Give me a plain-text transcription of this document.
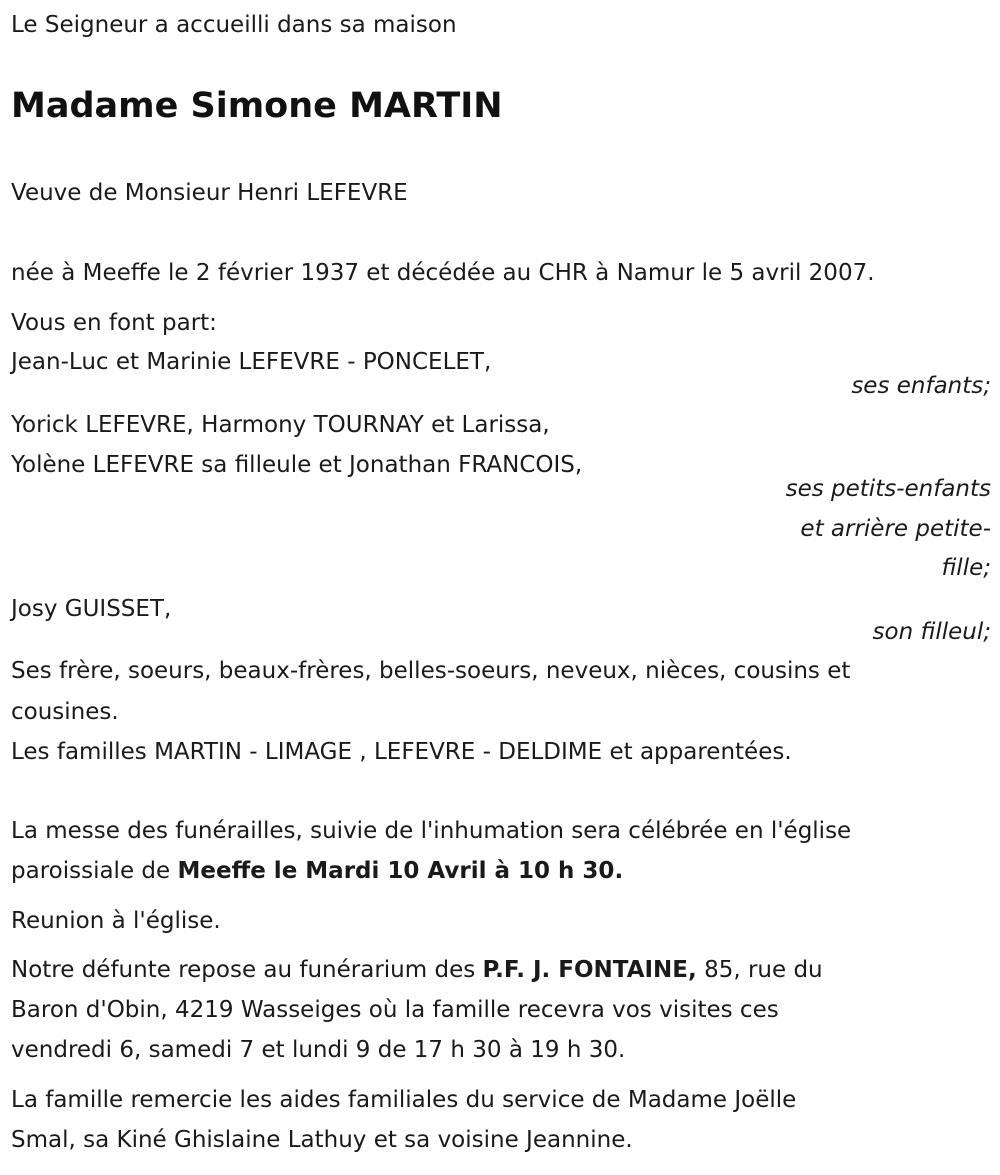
Le Seigneur a accueilli dans sa maison
Madame Simone MARTIN
Veuve de Monsieur Henri LEFEVRE
née à Meeffe le 2 février 1937 et décédée au CHR à Namur le 5 avril 2007.
Vous en font part:
Jean-Luc et Marinie LEFEVRE - PONCELET,
ses enfants;
Yorick LEFEVRE, Harmony TOURNAY et Larissa,
Yolène LEFEVRE sa filleule et Jonathan FRANCOIS,
ses petits-enfants
et arrière petite-
fille;
Josy GUISSET,
son filleul;
Ses frère, soeurs, beaux-frères, belles-soeurs, neveux, nièces, cousins et
cousines.
Les familles MARTIN - LIMAGE , LEFEVRE - DELDIME et apparentées.
La messe des funérailles, suivie de l'inhumation sera célébrée en l'église
paroissiale de Meeffe le Mardi 10 Avril à 10 h 30.
Reunion à l'église.
Notre défunte repose au funérarium des P.F. J. FONTAINE, 85, rue du
Baron d'Obin, 4219 Wasseiges où la famille recevra vos visites ces
vendredi 6, samedi 7 et lundi 9 de 17 h 30 à 19 h 30.
La famille remercie les aides familiales du service de Madame Joëlle
Smal, sa Kiné Ghislaine Lathuy et sa voisine Jeannine.
